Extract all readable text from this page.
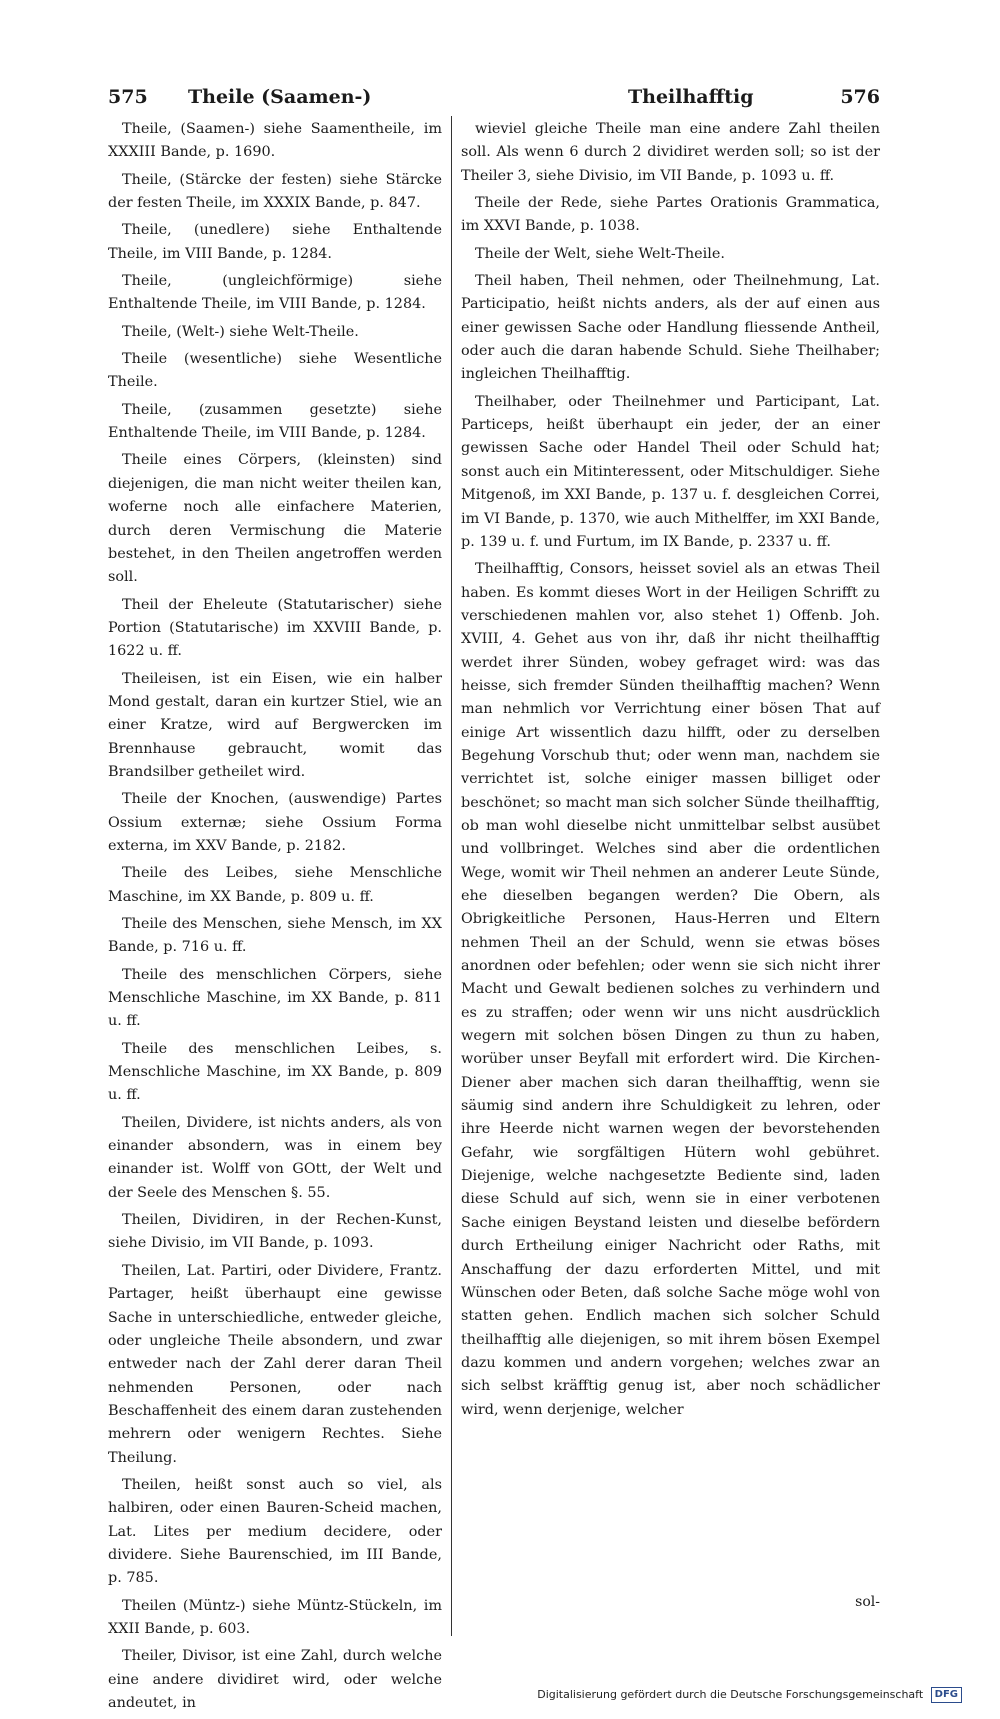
575 Theile (Saamen-)	Theilhafftig	576

Theile, (Saamen-) siehe Saamentheile, im XXXIII Bande, p. 1690.

Theile, (Stärcke der festen) siehe Stärcke der festen Theile, im XXXIX Bande, p. 847.

Theile, (unedlere) siehe Enthaltende Theile, im VIII Bande, p. 1284.

Theile, (ungleichförmige) siehe Enthaltende Theile, im VIII Bande, p. 1284.

Theile, (Welt-) siehe Welt-Theile.

Theile (wesentliche) siehe Wesentliche Theile.

Theile, (zusammen gesetzte) siehe Enthaltende Theile, im VIII Bande, p. 1284.

Theile eines Cörpers, (kleinsten) sind diejenigen, die man nicht weiter theilen kan, woferne noch alle einfachere Materien, durch deren Vermischung die Materie bestehet, in den Theilen angetroffen werden soll.

Theil der Eheleute (Statutarischer) siehe Portion (Statutarische) im XXVIII Bande, p. 1622 u. ff.

Theileisen, ist ein Eisen, wie ein halber Mond gestalt, daran ein kurtzer Stiel, wie an einer Kratze, wird auf Bergwercken im Brennhause gebraucht, womit das Brandsilber getheilet wird.

Theile der Knochen, (auswendige) Partes Ossium externæ; siehe Ossium Forma externa, im XXV Bande, p. 2182.

Theile des Leibes, siehe Menschliche Maschine, im XX Bande, p. 809 u. ff.

Theile des Menschen, siehe Mensch, im XX Bande, p. 716 u. ff.

Theile des menschlichen Cörpers, siehe Menschliche Maschine, im XX Bande, p. 811 u. ff.

Theile des menschlichen Leibes, s. Menschliche Maschine, im XX Bande, p. 809 u. ff.

Theilen, Dividere, ist nichts anders, als von einander absondern, was in einem bey einander ist. Wolff von GOtt, der Welt und der Seele des Menschen §. 55.

Theilen, Dividiren, in der Rechen-Kunst, siehe Divisio, im VII Bande, p. 1093.

Theilen, Lat. Partiri, oder Dividere, Frantz. Partager, heißt überhaupt eine gewisse Sache in unterschiedliche, entweder gleiche, oder ungleiche Theile absondern, und zwar entweder nach der Zahl derer daran Theil nehmenden Personen, oder nach Beschaffenheit des einem daran zustehenden mehrern oder wenigern Rechtes. Siehe Theilung.

Theilen, heißt sonst auch so viel, als halbiren, oder einen Bauren-Scheid machen, Lat. Lites per medium decidere, oder dividere. Siehe Baurenschied, im III Bande, p. 785.

Theilen (Müntz-) siehe Müntz-Stückeln, im XXII Bande, p. 603.

Theiler, Divisor, ist eine Zahl, durch welche eine andere dividiret wird, oder welche andeutet, in

wieviel gleiche Theile man eine andere Zahl theilen soll. Als wenn 6 durch 2 dividiret werden soll; so ist der Theiler 3, siehe Divisio, im VII Bande, p. 1093 u. ff.

Theile der Rede, siehe Partes Orationis Grammatica, im XXVI Bande, p. 1038.

Theile der Welt, siehe Welt-Theile.

Theil haben, Theil nehmen, oder Theilnehmung, Lat. Participatio, heißt nichts anders, als der auf einen aus einer gewissen Sache oder Handlung fliessende Antheil, oder auch die daran habende Schuld. Siehe Theilhaber; ingleichen Theilhafftig.

Theilhaber, oder Theilnehmer und Participant, Lat. Particeps, heißt überhaupt ein jeder, der an einer gewissen Sache oder Handel Theil oder Schuld hat; sonst auch ein Mitinteressent, oder Mitschuldiger. Siehe Mitgenoß, im XXI Bande, p. 137 u. f. desgleichen Correi, im VI Bande, p. 1370, wie auch Mithelffer, im XXI Bande, p. 139 u. f. und Furtum, im IX Bande, p. 2337 u. ff.

Theilhafftig, Consors, heisset soviel als an etwas Theil haben. Es kommt dieses Wort in der Heiligen Schrifft zu verschiedenen mahlen vor, also stehet 1) Offenb. Joh. XVIII, 4. Gehet aus von ihr, daß ihr nicht theilhafftig werdet ihrer Sünden, wobey gefraget wird: was das heisse, sich fremder Sünden theilhafftig machen? Wenn man nehmlich vor Verrichtung einer bösen That auf einige Art wissentlich dazu hilfft, oder zu derselben Begehung Vorschub thut; oder wenn man, nachdem sie verrichtet ist, solche einiger massen billiget oder beschönet; so macht man sich solcher Sünde theilhafftig, ob man wohl dieselbe nicht unmittelbar selbst ausübet und vollbringet. Welches sind aber die ordentlichen Wege, womit wir Theil nehmen an anderer Leute Sünde, ehe dieselben begangen werden? Die Obern, als Obrigkeitliche Personen, Haus-Herren und Eltern nehmen Theil an der Schuld, wenn sie etwas böses anordnen oder befehlen; oder wenn sie sich nicht ihrer Macht und Gewalt bedienen solches zu verhindern und es zu straffen; oder wenn wir uns nicht ausdrücklich wegern mit solchen bösen Dingen zu thun zu haben, worüber unser Beyfall mit erfordert wird. Die Kirchen-Diener aber machen sich daran theilhafftig, wenn sie säumig sind andern ihre Schuldigkeit zu lehren, oder ihre Heerde nicht warnen wegen der bevorstehenden Gefahr, wie sorgfältigen Hütern wohl gebühret. Diejenige, welche nachgesetzte Bediente sind, laden diese Schuld auf sich, wenn sie in einer verbotenen Sache einigen Beystand leisten und dieselbe befördern durch Ertheilung einiger Nachricht oder Raths, mit Anschaffung der dazu erforderten Mittel, und mit Wünschen oder Beten, daß solche Sache möge wohl von statten gehen. Endlich machen sich solcher Schuld theilhafftig alle diejenigen, so mit ihrem bösen Exempel dazu kommen und andern vorgehen; welches zwar an sich selbst kräfftig genug ist, aber noch schädlicher wird, wenn derjenige, welcher

sol-
Digitalisierung gefördert durch die Deutsche Forschungsgemeinschaft DFG
